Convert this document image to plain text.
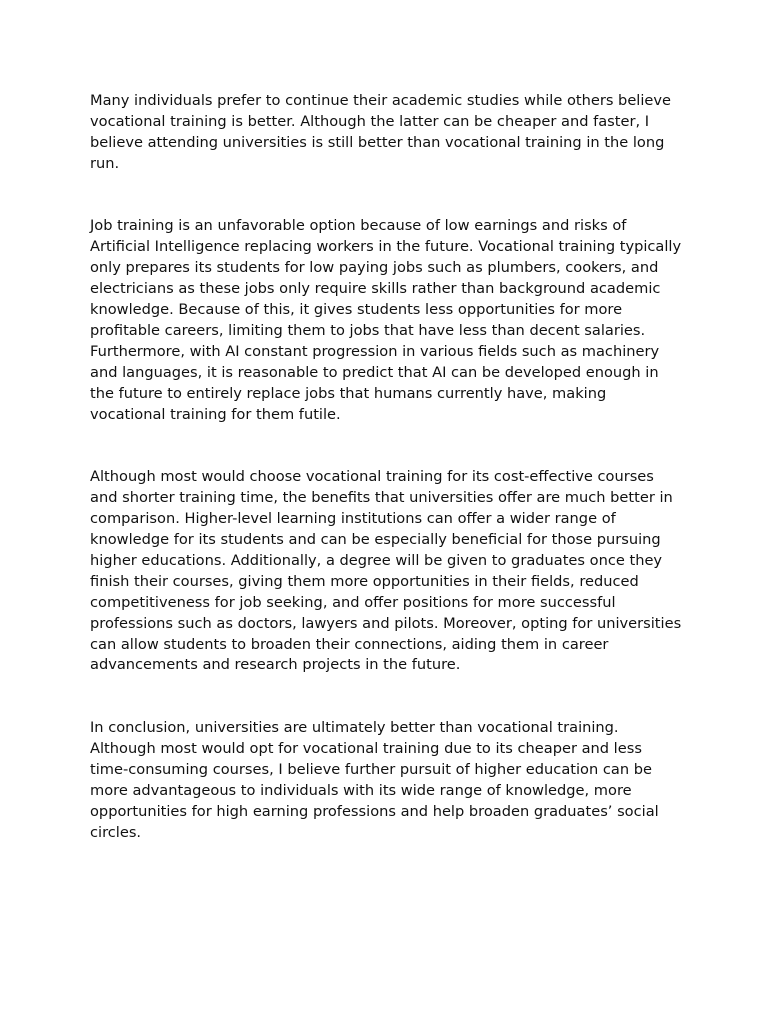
Many individuals prefer to continue their academic studies while others believe vocational training is better. Although the latter can be cheaper and faster, I believe attending universities is still better than vocational training in the long run.

Job training is an unfavorable option because of low earnings and risks of Artificial Intelligence replacing workers in the future. Vocational training typically only prepares its students for low paying jobs such as plumbers, cookers, and electricians as these jobs only require skills rather than background academic knowledge. Because of this, it gives students less opportunities for more profitable careers, limiting them to jobs that have less than decent salaries. Furthermore, with AI constant progression in various fields such as machinery and languages, it is reasonable to predict that AI can be developed enough in the future to entirely replace jobs that humans currently have, making vocational training for them futile.

Although most would choose vocational training for its cost-effective courses and shorter training time, the benefits that universities offer are much better in comparison. Higher-level learning institutions can offer a wider range of knowledge for its students and can be especially beneficial for those pursuing higher educations. Additionally, a degree will be given to graduates once they finish their courses, giving them more opportunities in their fields, reduced competitiveness for job seeking, and offer positions for more successful professions such as doctors, lawyers and pilots. Moreover, opting for universities can allow students to broaden their connections, aiding them in career advancements and research projects in the future.

In conclusion, universities are ultimately better than vocational training. Although most would opt for vocational training due to its cheaper and less time-consuming courses, I believe further pursuit of higher education can be more advantageous to individuals with its wide range of knowledge, more opportunities for high earning professions and help broaden graduates’ social circles.
